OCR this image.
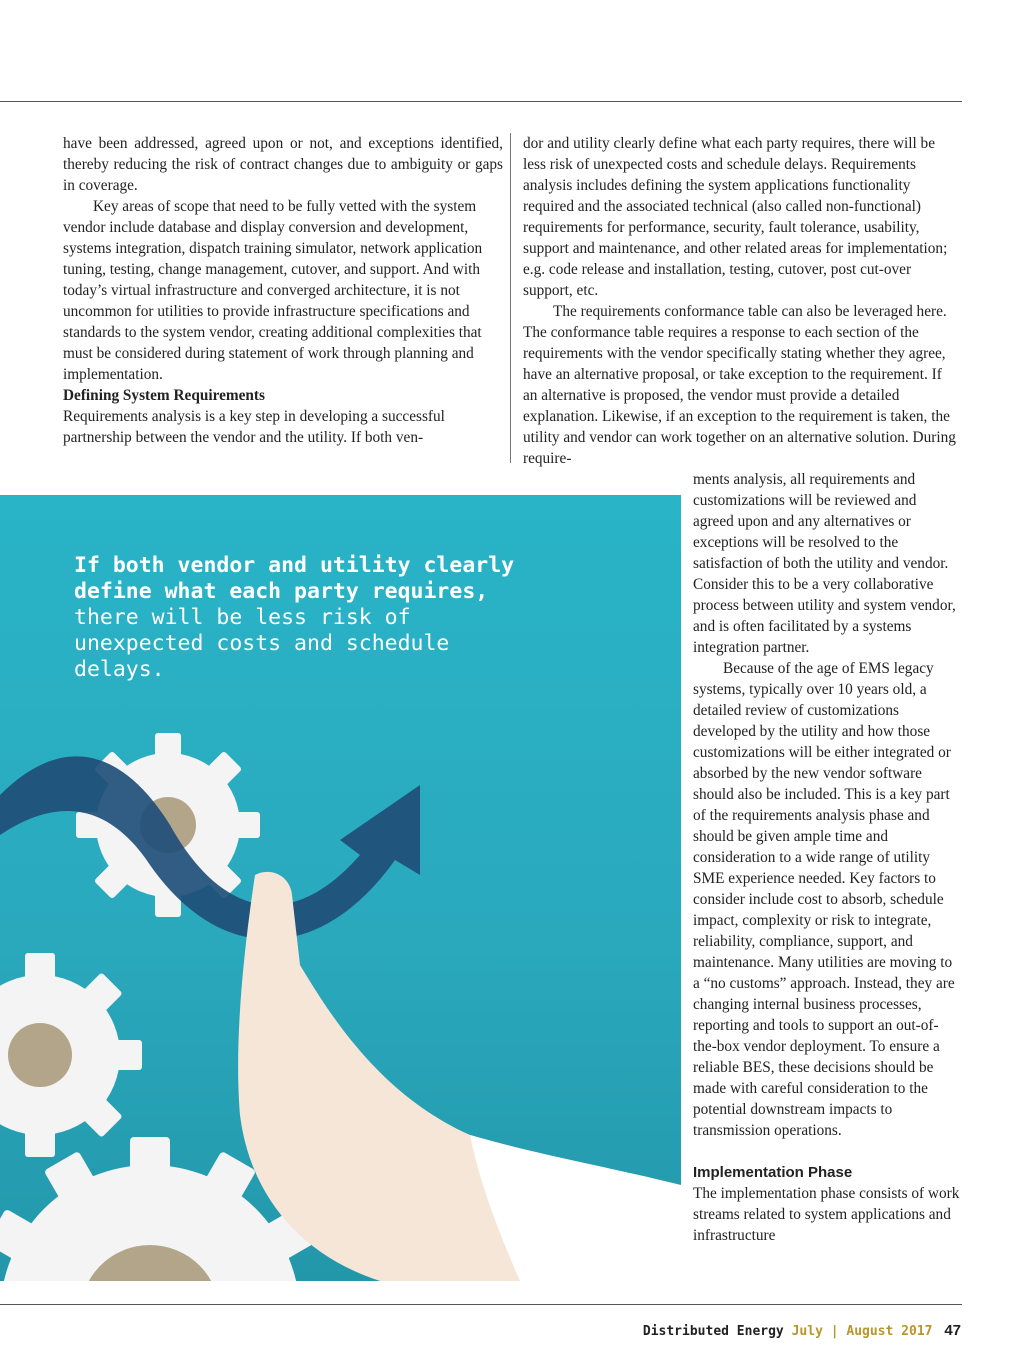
have been addressed, agreed upon or not, and exceptions identified, thereby reducing the risk of contract changes due to ambiguity or gaps in coverage.

Key areas of scope that need to be fully vetted with the system vendor include database and display conversion and development, systems integration, dispatch training simulator, network application tuning, testing, change management, cutover, and support. And with today’s virtual infrastructure and converged architecture, it is not uncommon for utilities to provide infrastructure specifications and standards to the system vendor, creating additional complexities that must be considered during statement of work through planning and implementation.

Defining System Requirements

Requirements analysis is a key step in developing a successful partnership between the vendor and the utility. If both ven-

dor and utility clearly define what each party requires, there will be less risk of unexpected costs and schedule delays. Requirements analysis includes defining the system applications functionality required and the associated technical (also called non-functional) requirements for performance, security, fault tolerance, usability, support and maintenance, and other related areas for implementation; e.g. code release and installation, testing, cutover, post cut-over support, etc.

The requirements conformance table can also be leveraged here. The conformance table requires a response to each section of the requirements with the vendor specifically stating whether they agree, have an alternative proposal, or take exception to the requirement. If an alternative is proposed, the vendor must provide a detailed explanation. Likewise, if an exception to the requirement is taken, the utility and vendor can work together on an alternative solution. During require-

If both vendor and utility clearly define what each party requires,
there will be less risk of unexpected costs and schedule delays.

ments analysis, all requirements and customizations will be reviewed and agreed upon and any alternatives or exceptions will be resolved to the satisfaction of both the utility and vendor. Consider this to be a very collaborative process between utility and system vendor, and is often facilitated by a systems integration partner.

Because of the age of EMS legacy systems, typically over 10 years old, a detailed review of customizations developed by the utility and how those customizations will be either integrated or absorbed by the new vendor software should also be included. This is a key part of the requirements analysis phase and should be given ample time and consideration to a wide range of utility SME experience needed. Key factors to consider include cost to absorb, schedule impact, complexity or risk to integrate, reliability, compliance, support, and maintenance. Many utilities are moving to a “no customs” approach. Instead, they are changing internal business processes, reporting and tools to support an out-of-the-box vendor deployment. To ensure a reliable BES, these decisions should be made with careful consideration to the potential downstream impacts to transmission operations.

Implementation Phase

The implementation phase consists of work streams related to system applications and infrastructure

Distributed Energy July | August 2017 47
